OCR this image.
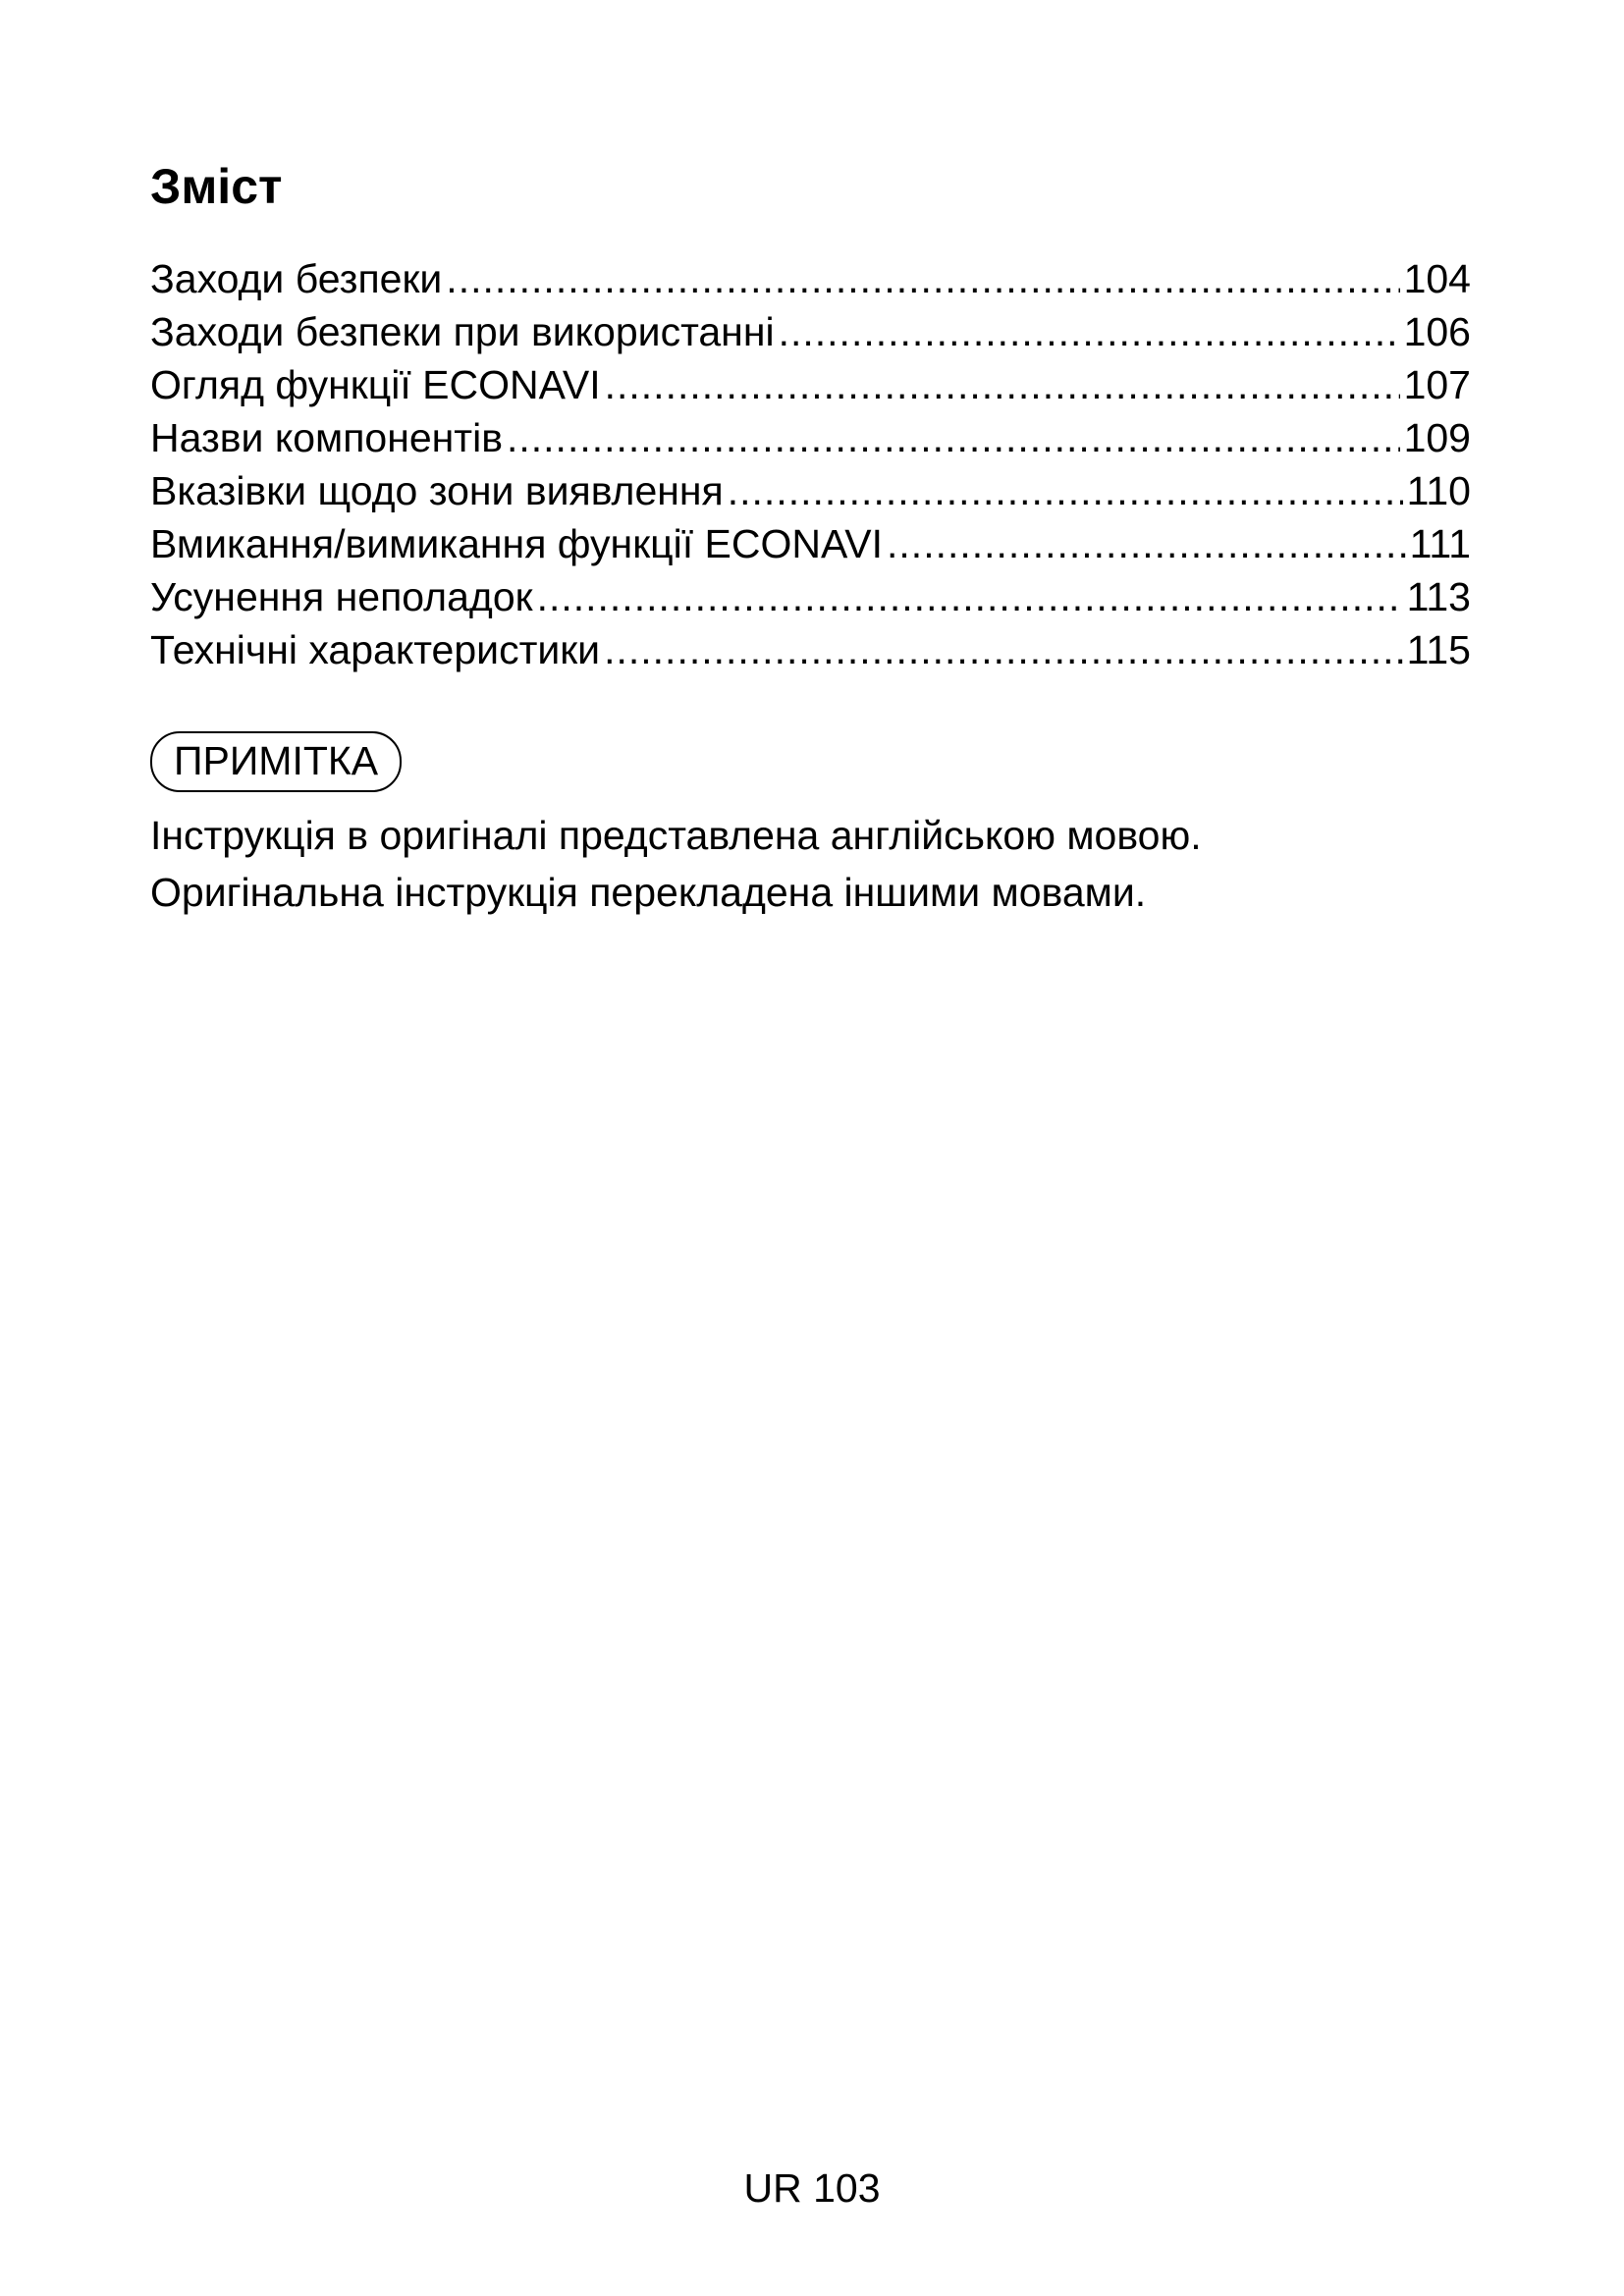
Зміст
Заходи безпеки .....	104
Заходи безпеки при використанні .....	106
Огляд функції ECONAVI .....	107
Назви компонентів .....	109
Вказівки щодо зони виявлення .....	110
Вмикання/вимикання функції ECONAVI .....	111
Усунення неполадок .....	113
Технічні характеристики .....	115
ПРИМІТКА

Інструкція в оригіналі представлена англійською мовою.
Оригінальна інструкція перекладена іншими мовами.

UR 103
